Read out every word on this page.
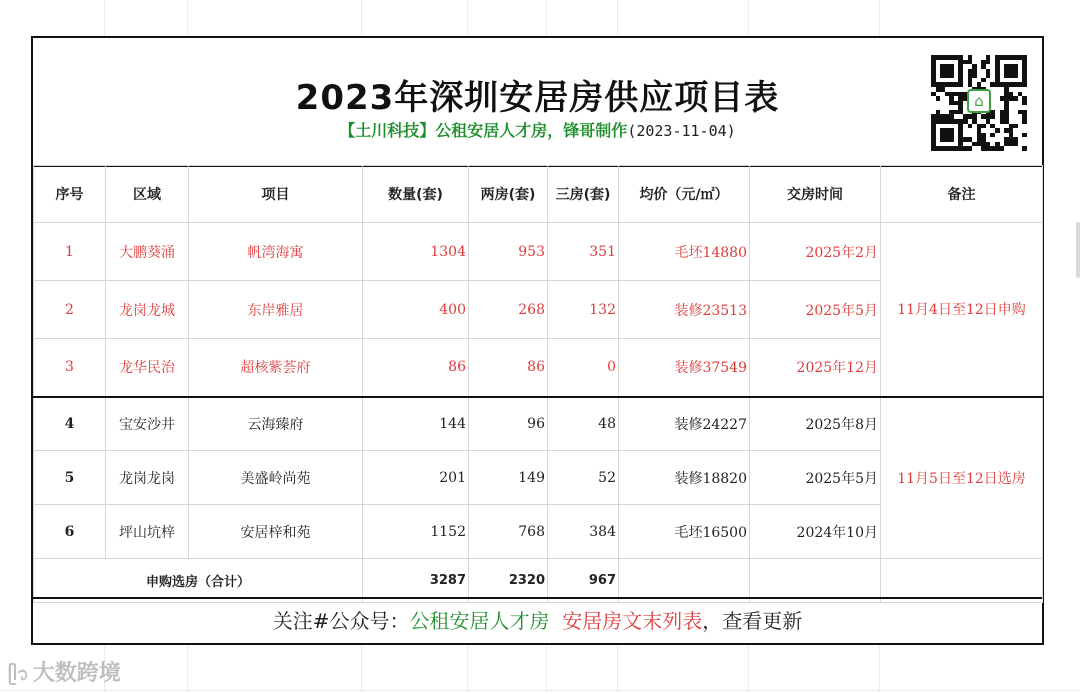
2023年深圳安居房供应项目表
【土川科技】公租安居人才房，锋哥制作(2023-11-04)
⌂
序号	区域	项目	数量(套)	两房(套)	三房(套)	均价（元/㎡）	交房时间	备注
1	大鹏葵涌	帆湾海寓	1304	953	351	毛坯14880	2025年2月	11月4日至12日申购
2	龙岗龙城	东岸雅居	400	268	132	装修23513	2025年5月	
3	龙华民治	超核紫荟府	86	86	0	装修37549	2025年12月	
4	宝安沙井	云海臻府	144	96	48	装修24227	2025年8月	11月5日至12日选房
5	龙岗龙岗	美盛岭尚苑	201	149	52	装修18820	2025年5月	
6	坪山坑梓	安居梓和苑	1152	768	384	毛坯16500	2024年10月	
申购选房（合计）			3287	2320	967			
关注#公众号：公租安居人才房 安居房文末列表，查看更新
ᥫ᭡ 大数跨境
